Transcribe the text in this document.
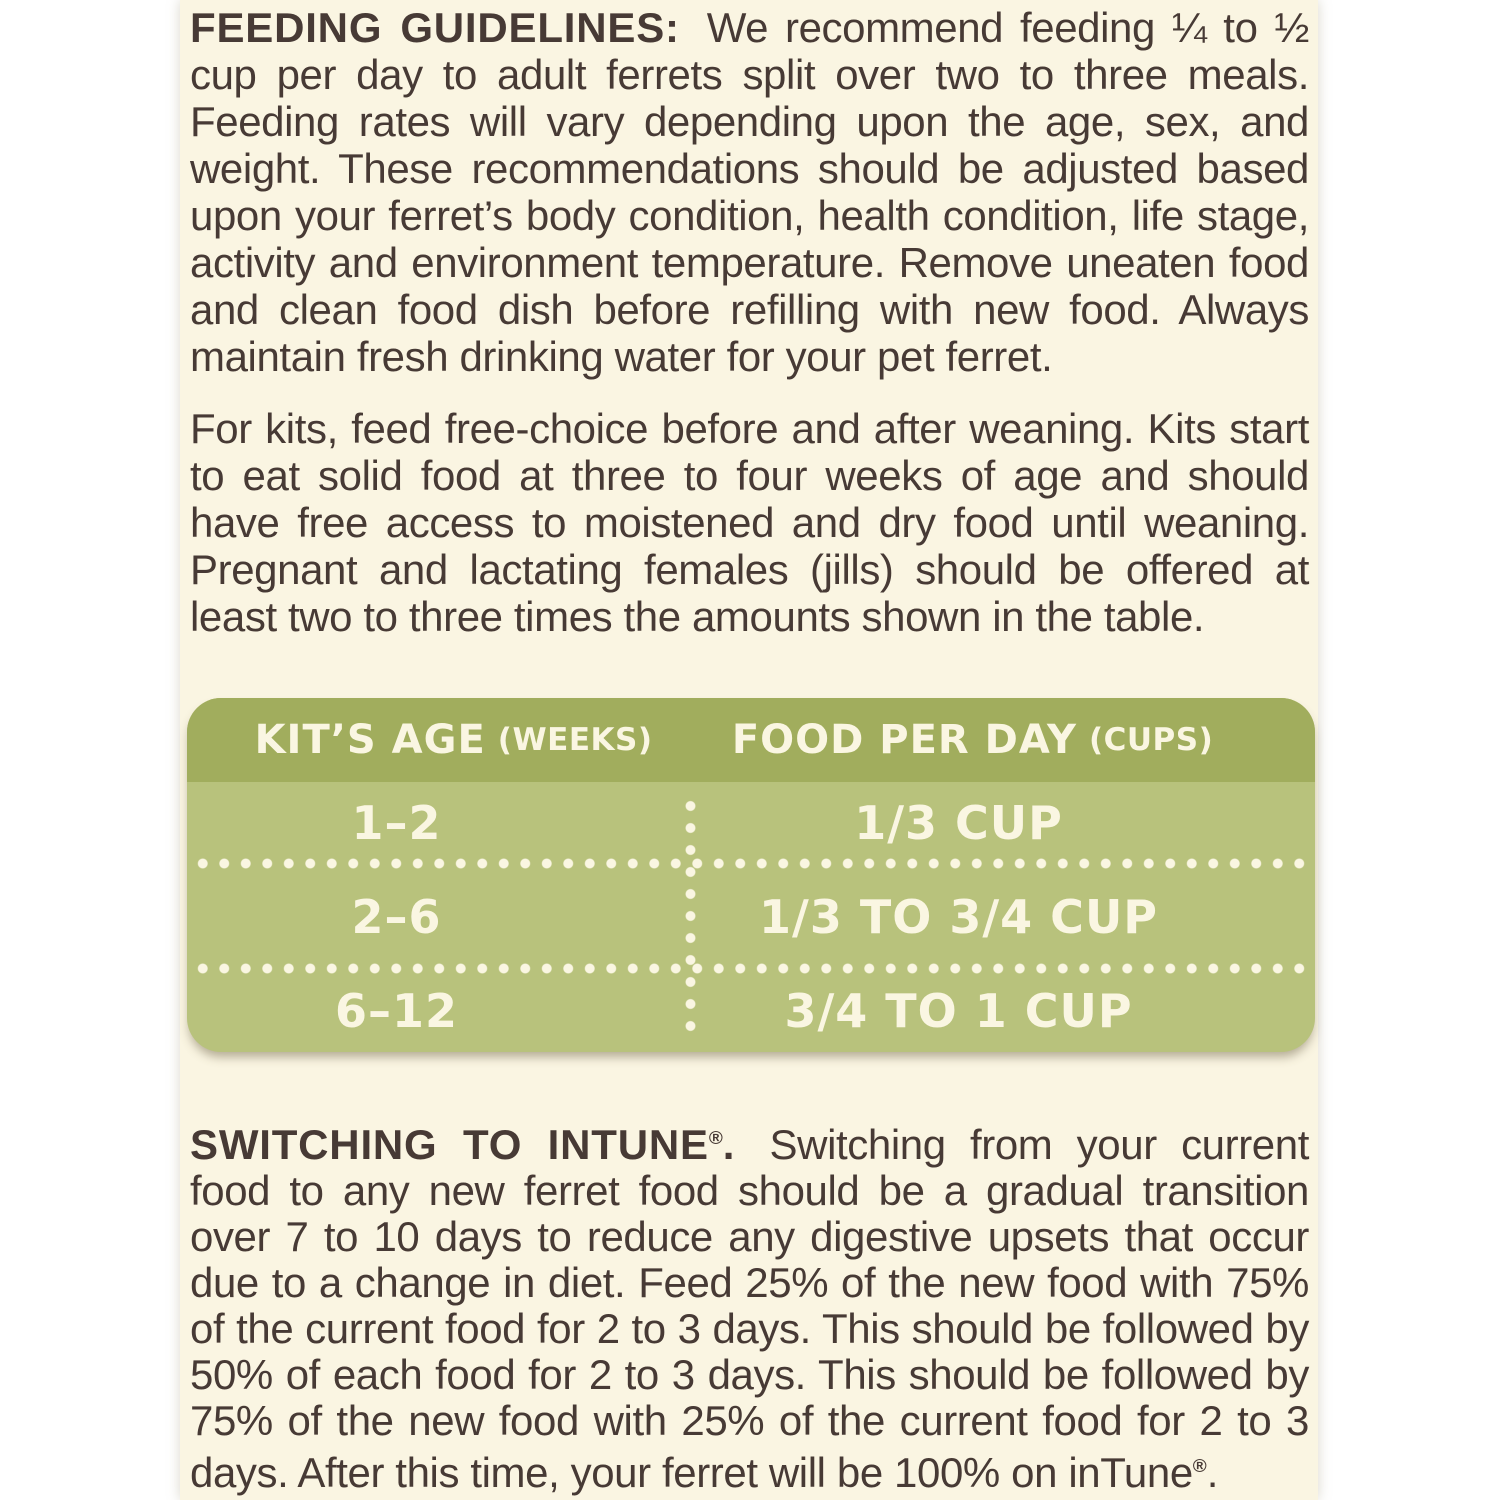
FEEDING GUIDELINES: We recommend feeding ¼ to ½ cup per day to adult ferrets split over two to three meals. Feeding rates will vary depending upon the age, sex, and weight. These recommendations should be adjusted based upon your ferret’s body condition, health condition, life stage, activity and environment temperature. Remove uneaten food and clean food dish before refilling with new food. Always maintain fresh drinking water for your pet ferret.

For kits, feed free-choice before and after weaning. Kits start to eat solid food at three to four weeks of age and should have free access to moistened and dry food until weaning. Pregnant and lactating females (jills) should be offered at least two to three times the amounts shown in the table.

KIT’S AGE (WEEKS) FOOD PER DAY (CUPS)
1–2	1/3 CUP
2–6	1/3 TO 3/4 CUP
6–12	3/4 TO 1 CUP

SWITCHING TO INTUNE®. Switching from your current food to any new ferret food should be a gradual transition over 7 to 10 days to reduce any digestive upsets that occur due to a change in diet. Feed 25% of the new food with 75% of the current food for 2 to 3 days. This should be followed by 50% of each food for 2 to 3 days. This should be followed by 75% of the new food with 25% of the current food for 2 to 3 days. After this time, your ferret will be 100% on inTune®.
